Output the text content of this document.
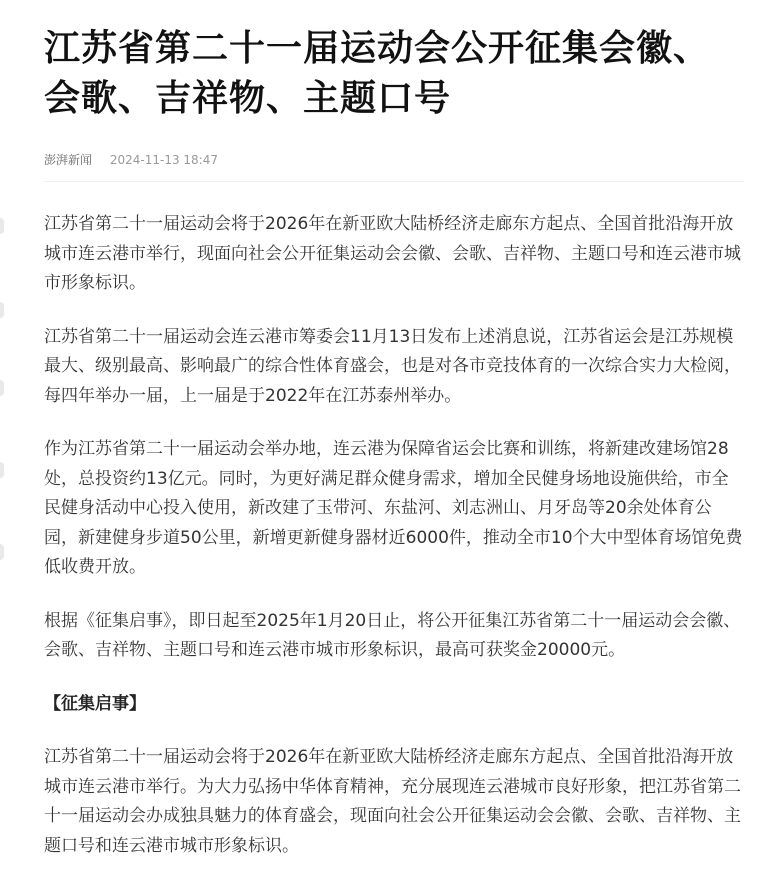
江苏省第二十一届运动会公开征集会徽、会歌、吉祥物、主题口号
澎湃新闻 2024-11-13 18:47

江苏省第二十一届运动会将于2026年在新亚欧大陆桥经济走廊东方起点、全国首批沿海开放城市连云港市举行，现面向社会公开征集运动会会徽、会歌、吉祥物、主题口号和连云港市城市形象标识。

江苏省第二十一届运动会连云港市筹委会11月13日发布上述消息说，江苏省运会是江苏规模最大、级别最高、影响最广的综合性体育盛会，也是对各市竞技体育的一次综合实力大检阅，每四年举办一届，上一届是于2022年在江苏泰州举办。

作为江苏省第二十一届运动会举办地，连云港为保障省运会比赛和训练，将新建改建场馆28处，总投资约13亿元。同时，为更好满足群众健身需求，增加全民健身场地设施供给，市全民健身活动中心投入使用，新改建了玉带河、东盐河、刘志洲山、月牙岛等20余处体育公园，新建健身步道50公里，新增更新健身器材近6000件，推动全市10个大中型体育场馆免费低收费开放。

根据《征集启事》，即日起至2025年1月20日止，将公开征集江苏省第二十一届运动会会徽、会歌、吉祥物、主题口号和连云港市城市形象标识，最高可获奖金20000元。

【征集启事】

江苏省第二十一届运动会将于2026年在新亚欧大陆桥经济走廊东方起点、全国首批沿海开放城市连云港市举行。为大力弘扬中华体育精神，充分展现连云港城市良好形象，把江苏省第二十一届运动会办成独具魅力的体育盛会，现面向社会公开征集运动会会徽、会歌、吉祥物、主题口号和连云港市城市形象标识。
